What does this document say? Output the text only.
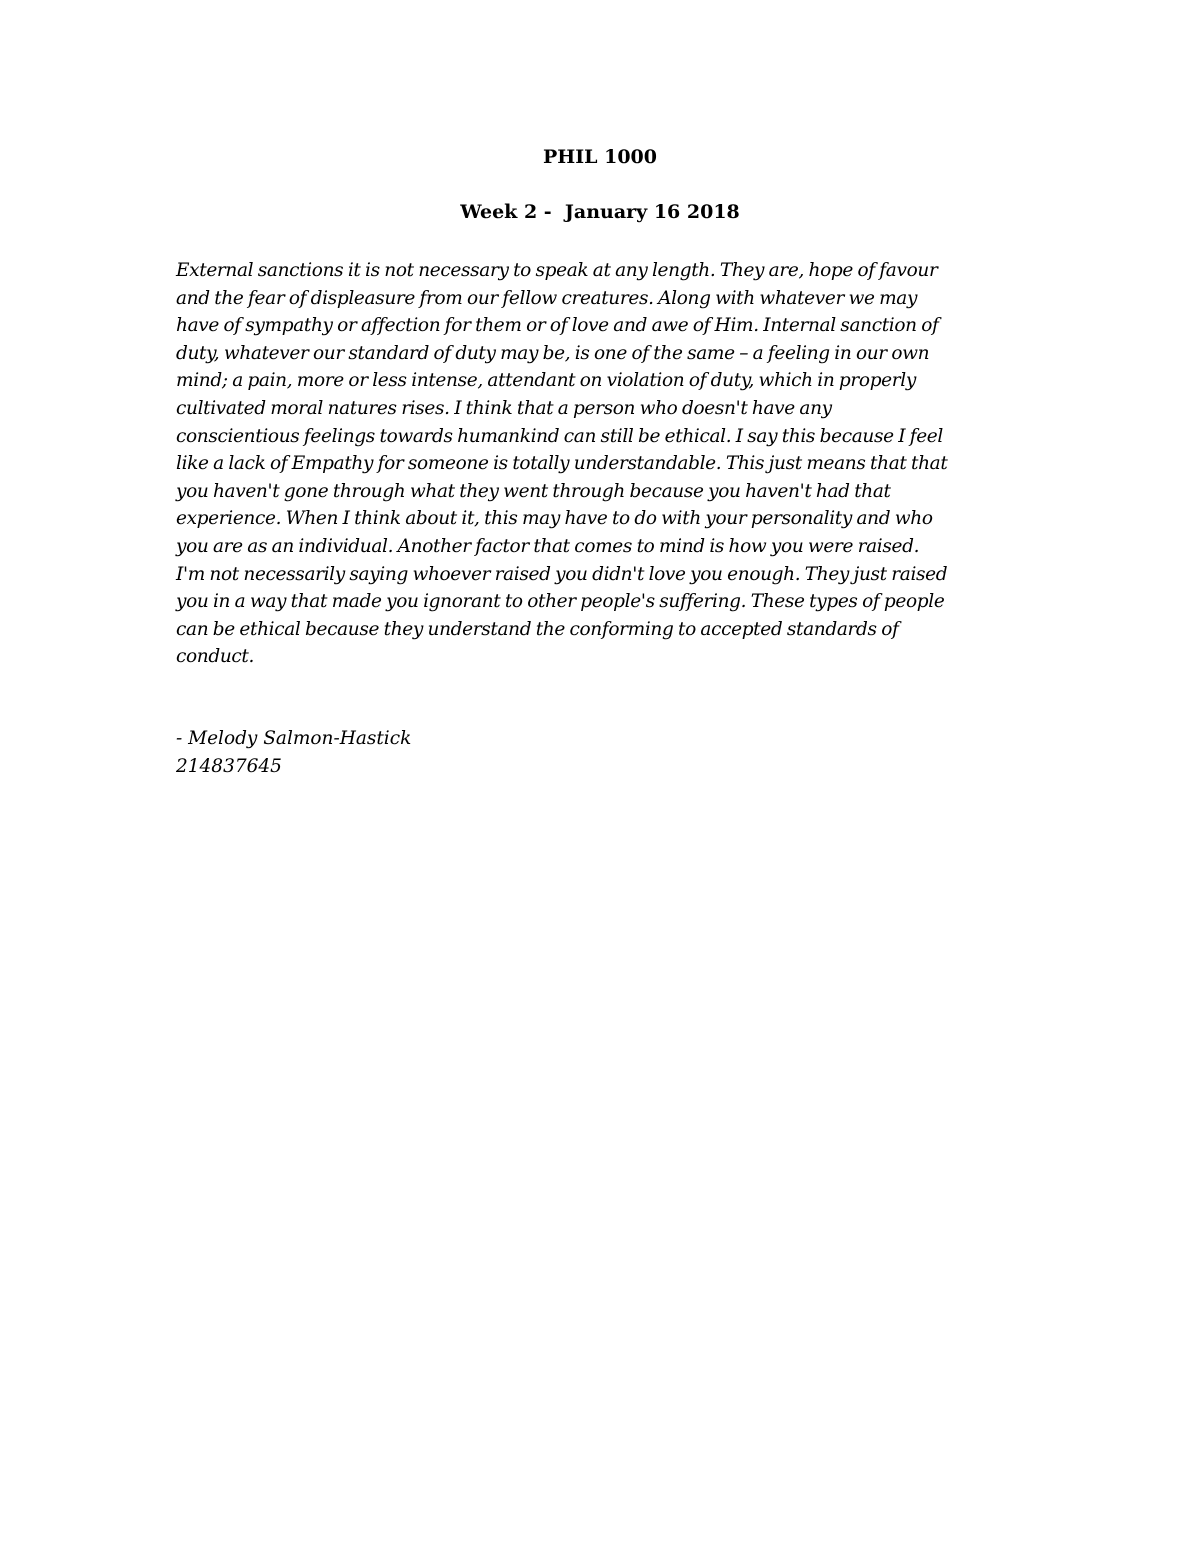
PHIL 1000
Week 2 -  January 16 2018
External sanctions it is not necessary to speak at any length. They are, hope of favour
and the fear of displeasure from our fellow creatures. Along with whatever we may
have of sympathy or affection for them or of love and awe of Him. Internal sanction of
duty, whatever our standard of duty may be, is one of the same – a feeling in our own
mind; a pain, more or less intense, attendant on violation of duty, which in properly
cultivated moral natures rises. I think that a person who doesn't have any
conscientious feelings towards humankind can still be ethical. I say this because I feel
like a lack of Empathy for someone is totally understandable. This just means that that
you haven't gone through what they went through because you haven't had that
experience. When I think about it, this may have to do with your personality and who
you are as an individual. Another factor that comes to mind is how you were raised.
I'm not necessarily saying whoever raised you didn't love you enough. They just raised
you in a way that made you ignorant to other people's suffering. These types of people
can be ethical because they understand the conforming to accepted standards of
conduct.
- Melody Salmon-Hastick
214837645
